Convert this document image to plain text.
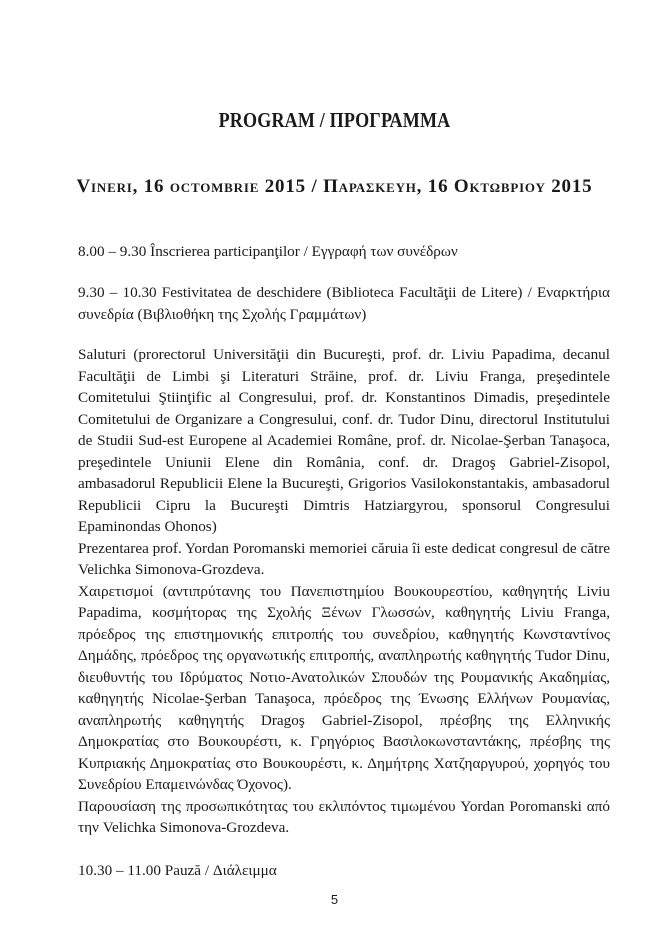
PROGRAM / ΠΡΟΓΡΑΜΜΑ
Vineri, 16 octombrie 2015 / Παρασκευη, 16 Οκτωβριου 2015
8.00 – 9.30 Înscrierea participanţilor / Εγγραφή των συνέδρων
9.30 – 10.30 Festivitatea de deschidere (Biblioteca Facultăţii de Litere) / Εναρκτήρια συνεδρία (Βιβλιοθήκη της Σχολής Γραμμάτων)
Saluturi (prorectorul Universităţii din Bucureşti, prof. dr. Liviu Papadima, decanul Facultăţii de Limbi şi Literaturi Străine, prof. dr. Liviu Franga, preşedintele Comitetului Ştiinţific al Congresului, prof. dr. Konstantinos Dimadis, preşedintele Comitetului de Organizare a Congresului, conf. dr. Tudor Dinu, directorul Institutului de Studii Sud-est Europene al Academiei Române, prof. dr. Nicolae-Şerban Tanaşoca, preşedintele Uniunii Elene din România, conf. dr. Dragoş Gabriel-Zisopol, ambasadorul Republicii Elene la Bucureşti, Grigorios Vasilokonstantakis, ambasadorul Republicii Cipru la Bucureşti Dimtris Hatziargyrou, sponsorul Congresului Epaminondas Ohonos)
Prezentarea prof. Yordan Poromanski memoriei căruia îi este dedicat congresul de către Velichka Simonova-Grozdeva.
Χαιρετισμοί (αντιπρύτανης του Πανεπιστημίου Βουκουρεστίου, καθηγητής Liviu Papadima, κοσμήτορας της Σχολής Ξένων Γλωσσών, καθηγητής Liviu Franga, πρόεδρος της επιστημονικής επιτροπής του συνεδρίου, καθηγητής Κωνσταντίνος Δημάδης, πρόεδρος της οργανωτικής επιτροπής, αναπληρωτής καθηγητής Tudor Dinu, διευθυντής του Ιδρύματος Νοτιο-Ανατολικών Σπουδών της Ρουμανικής Ακαδημίας, καθηγητής Nicolae-Şerban Tanaşoca, πρόεδρος της Ένωσης Ελλήνων Ρουμανίας, αναπληρωτής καθηγητής Dragoş Gabriel-Zisopol, πρέσβης της Ελληνικής Δημοκρατίας στο Βουκουρέστι, κ. Γρηγόριος Βασιλοκωνσταντάκης, πρέσβης της Κυπριακής Δημοκρατίας στο Βουκουρέστι, κ. Δημήτρης Χατζηαργυρού, χορηγός του Συνεδρίου Επαμεινώνδας Όχονος).
Παρουσίαση της προσωπικότητας του εκλιπόντος τιμωμένου Yordan Poromanski από την Velichka Simonova-Grozdeva.
10.30 – 11.00 Pauză / Διάλειμμα
5
